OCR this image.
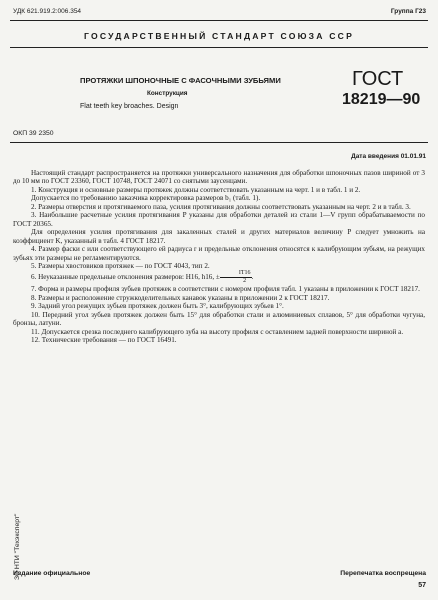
УДК 621.919.2:006.354	Группа Г23
ГОСУДАРСТВЕННЫЙ СТАНДАРТ СОЮЗА ССР
ПРОТЯЖКИ ШПОНОЧНЫЕ С ФАСОЧНЫМИ ЗУБЬЯМИ
Конструкция
Flat teeth key broaches. Design
ГОСТ
18219—90
ОКП 39 2350
Дата введения 01.01.91

Настоящий стандарт распространяется на протяжки универсального назначения для обработки шпоночных пазов шириной от 3 до 10 мм по ГОСТ 23360, ГОСТ 10748, ГОСТ 24071 со снятыми заусенцами.

1. Конструкция и основные размеры протяжек должны соответствовать указанным на черт. 1 и в табл. 1 и 2.

Допускается по требованию заказчика корректировка размеров b₁ (табл. 1).

2. Размеры отверстия и протягиваемого паза, усилия протягивания должны соответствовать указанным на черт. 2 и в табл. 3.

3. Наибольшие расчетные усилия протягивания P указаны для обработки деталей из стали 1—V групп обрабатываемости по ГОСТ 20365.

Для определения усилия протягивания для закаленных сталей и других материалов величину P следует умножить на коэффициент K, указанный в табл. 4 ГОСТ 18217.

4. Размер фаски c или соответствующего ей радиуса r и предельные отклонения относятся к калибрующим зубьям, на режущих зубьях эти размеры не регламентируются.

5. Размеры хвостовиков протяжек — по ГОСТ 4043, тип 2.

6. Неуказанные предельные отклонения размеров: H16, h16, ± $\frac{IT16}{2}$ .

7. Форма и размеры профиля зубьев протяжек в соответствии с номером профиля табл. 1 указаны в приложении к ГОСТ 18217.

8. Размеры и расположение стружкоделительных канавок указаны в приложении 2 к ГОСТ 18217.

9. Задний угол режущих зубьев протяжек должен быть 3°, калибрующих зубьев 1°.

10. Передний угол зубьев протяжек должен быть 15° для обработки стали и алюминиевых сплавов, 5° для обработки чугуна, бронзы, латуни.

11. Допускается срезка последнего калибрующего зуба на высоту профиля с оставлением задней поверхности шириной a.

12. Технические требования — по ГОСТ 16491.

ЗС НТИ "Техэксперт"
Издание официальное	Перепечатка воспрещена
57
